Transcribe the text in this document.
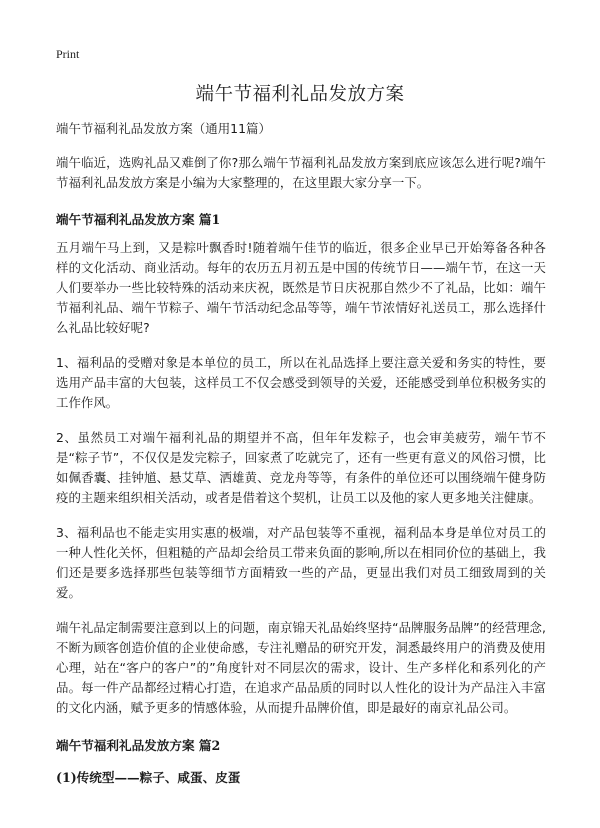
Print
端午节福利礼品发放方案

端午节福利礼品发放方案（通用11篇）

端午临近，选购礼品又难倒了你?那么端午节福利礼品发放方案到底应该怎么进行呢?端午节福利礼品发放方案是小编为大家整理的，在这里跟大家分享一下。

端午节福利礼品发放方案 篇1

五月端午马上到，又是粽叶飘香时!随着端午佳节的临近，很多企业早已开始筹备各种各样的文化活动、商业活动。每年的农历五月初五是中国的传统节日——端午节，在这一天人们要举办一些比较特殊的活动来庆祝，既然是节日庆祝那自然少不了礼品，比如：端午节福利礼品、端午节粽子、端午节活动纪念品等等，端午节浓情好礼送员工，那么选择什么礼品比较好呢?

1、福利品的受赠对象是本单位的员工，所以在礼品选择上要注意关爱和务实的特性，要选用产品丰富的大包装，这样员工不仅会感受到领导的关爱，还能感受到单位积极务实的工作作风。

2、虽然员工对端午福利礼品的期望并不高，但年年发粽子，也会审美疲劳，端午节不是“粽子节”，不仅仅是发完粽子，回家煮了吃就完了，还有一些更有意义的风俗习惯，比如佩香囊、挂钟馗、悬艾草、洒雄黄、竞龙舟等等，有条件的单位还可以围绕端午健身防疫的主题来组织相关活动，或者是借着这个契机，让员工以及他的家人更多地关注健康。

3、福利品也不能走实用实惠的极端，对产品包装等不重视，福利品本身是单位对员工的一种人性化关怀，但粗糙的产品却会给员工带来负面的影响,所以在相同价位的基础上，我们还是要多选择那些包装等细节方面精致一些的产品，更显出我们对员工细致周到的关爱。

端午礼品定制需要注意到以上的问题，南京锦天礼品始终坚持“品牌服务品牌”的经营理念,不断为顾客创造价值的企业使命感，专注礼赠品的研究开发，洞悉最终用户的消费及使用心理，站在“客户的客户”的”角度针对不同层次的需求，设计、生产多样化和系列化的产品。每一件产品都经过精心打造，在追求产品品质的同时以人性化的设计为产品注入丰富的文化内涵，赋予更多的情感体验，从而提升品牌价值，即是最好的南京礼品公司。

端午节福利礼品发放方案 篇2
(1)传统型——粽子、咸蛋、皮蛋
